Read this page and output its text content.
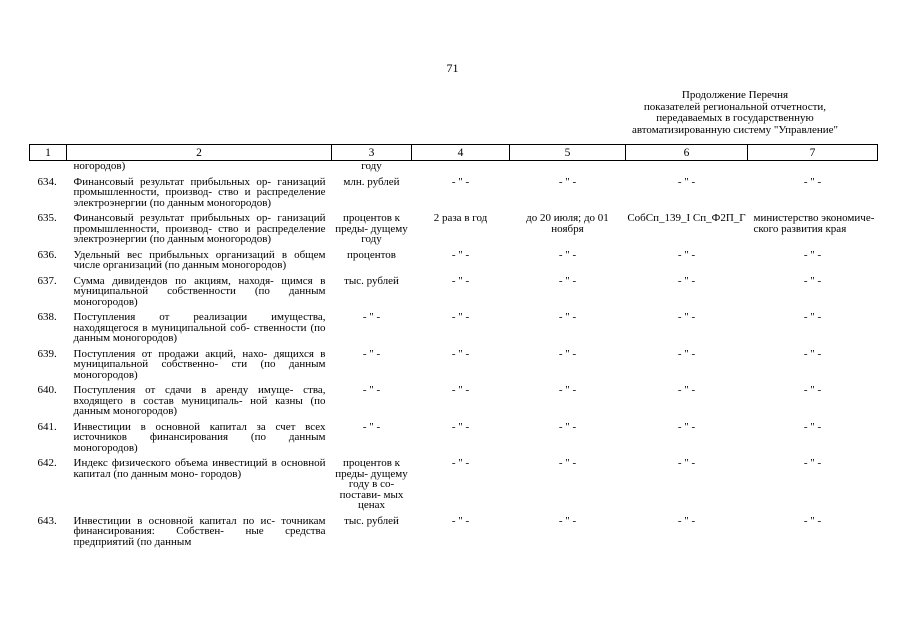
71
Продолжение Перечня
показателей региональной отчетности,
передаваемых в государственную
автоматизированную систему "Управление"
1	2	3	4	5	6	7
	ногородов)	году				
634.	Финансовый результат прибыльных ор- ганизаций промышленности, производ- ство и распределение электроэнергии (по данным моногородов)	млн. рублей	- " -	- " -	- " -	- " -
635.	Финансовый результат прибыльных ор- ганизаций промышленности, производ- ство и распределение электроэнергии (по данным моногородов)	процентов к преды- дущему году	2 раза в год	до 20 июля; до 01 ноября	СобСп_139_I Сп_Ф2П_Г	министерство экономиче- ского развития края
636.	Удельный вес прибыльных организаций в общем числе организаций (по данным моногородов)	процентов	- " -	- " -	- " -	- " -
637.	Сумма дивидендов по акциям, находя- щимся в муниципальной собственности (по данным моногородов)	тыс. рублей	- " -	- " -	- " -	- " -
638.	Поступления от реализации имущества, находящегося в муниципальной соб- ственности (по данным моногородов)	- " -	- " -	- " -	- " -	- " -
639.	Поступления от продажи акций, нахо- дящихся в муниципальной собственно- сти (по данным моногородов)	- " -	- " -	- " -	- " -	- " -
640.	Поступления от сдачи в аренду имуще- ства, входящего в состав муниципаль- ной казны (по данным моногородов)	- " -	- " -	- " -	- " -	- " -
641.	Инвестиции в основной капитал за счет всех источников финансирования (по данным моногородов)	- " -	- " -	- " -	- " -	- " -
642.	Индекс физического объема инвестиций в основной капитал (по данным моно- городов)	процентов к преды- дущему году в со- постави- мых ценах	- " -	- " -	- " -	- " -
643.	Инвестиции в основной капитал по ис- точникам финансирования: Собствен- ные средства предприятий (по данным	тыс. рублей	- " -	- " -	- " -	- " -
